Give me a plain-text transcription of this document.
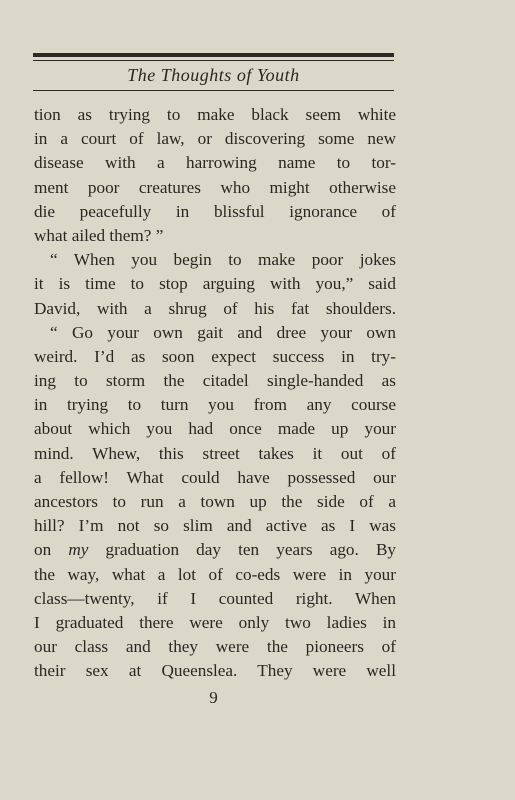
The Thoughts of Youth
tion as trying to make black seem white
in a court of law, or discovering some new
disease with a harrowing name to tor-
ment poor creatures who might otherwise
die peacefully in blissful ignorance of
what ailed them? ”
“ When you begin to make poor jokes
it is time to stop arguing with you,” said
David, with a shrug of his fat shoulders.
“ Go your own gait and dree your own
weird. I’d as soon expect success in try-
ing to storm the citadel single-handed as
in trying to turn you from any course
about which you had once made up your
mind. Whew, this street takes it out of
a fellow! What could have possessed our
ancestors to run a town up the side of a
hill? I’m not so slim and active as I was
on my graduation day ten years ago. By
the way, what a lot of co-eds were in your
class—twenty, if I counted right. When
I graduated there were only two ladies in
our class and they were the pioneers of
their sex at Queenslea. They were well
9
